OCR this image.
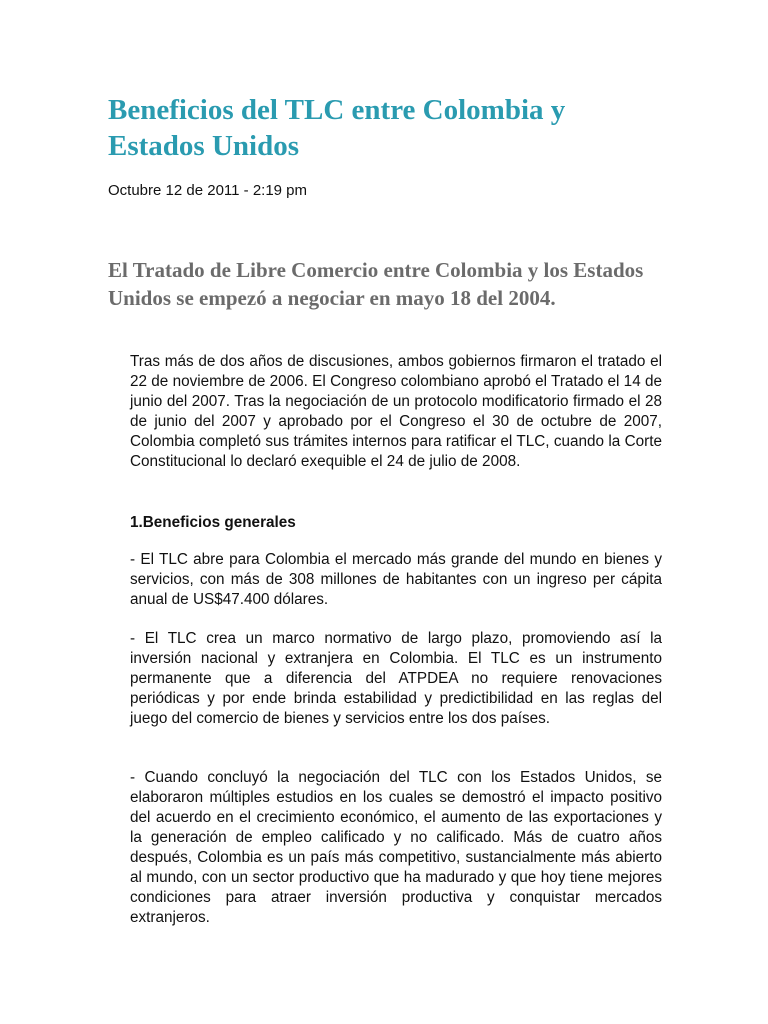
Beneficios del TLC entre Colombia y Estados Unidos

Octubre 12 de 2011 - 2:19 pm

El Tratado de Libre Comercio entre Colombia y los Estados Unidos se empezó a negociar en mayo 18 del 2004.

Tras más de dos años de discusiones, ambos gobiernos firmaron el tratado el 22 de noviembre de 2006. El Congreso colombiano aprobó el Tratado el 14 de junio del 2007. Tras la negociación de un protocolo modificatorio firmado el 28 de junio del 2007 y aprobado por el Congreso el 30 de octubre de 2007, Colombia completó sus trámites internos para ratificar el TLC, cuando la Corte Constitucional lo declaró exequible el 24 de julio de 2008.

1.Beneficios generales

- El TLC abre para Colombia el mercado más grande del mundo en bienes y servicios, con más de 308 millones de habitantes con un ingreso per cápita anual de US$47.400 dólares.

- El TLC crea un marco normativo de largo plazo, promoviendo así la inversión nacional y extranjera en Colombia. El TLC es un instrumento permanente que a diferencia del ATPDEA no requiere renovaciones periódicas y por ende brinda estabilidad y predictibilidad en las reglas del juego del comercio de bienes y servicios entre los dos países.

- Cuando concluyó la negociación del TLC con los Estados Unidos, se elaboraron múltiples estudios en los cuales se demostró el impacto positivo del acuerdo en el crecimiento económico, el aumento de las exportaciones y la generación de empleo calificado y no calificado. Más de cuatro años después, Colombia es un país más competitivo, sustancialmente más abierto al mundo, con un sector productivo que ha madurado y que hoy tiene mejores condiciones para atraer inversión productiva y conquistar mercados extranjeros.
